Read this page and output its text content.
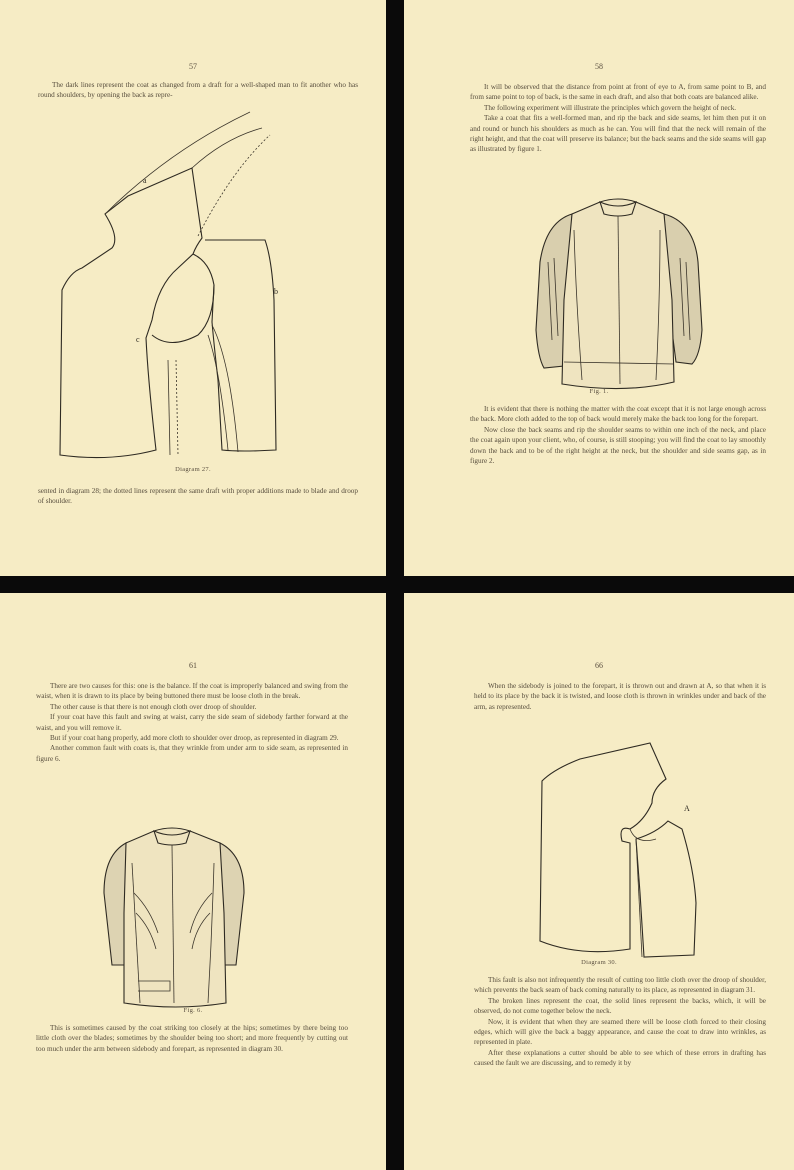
57

The dark lines represent the coat as changed from a draft for a well-shaped man to fit another who has round shoulders, by opening the back as repre-

a
b
c
Diagram 27.

sented in diagram 28; the dotted lines represent the same draft with proper additions made to blade and droop of shoulder.

58

It will be observed that the distance from point at front of eye to A, from same point to B, and from same point to top of back, is the same in each draft, and also that both coats are balanced alike.

The following experiment will illustrate the principles which govern the height of neck.

Take a coat that fits a well-formed man, and rip the back and side seams, let him then put it on and round or hunch his shoulders as much as he can. You will find that the neck will remain of the right height, and that the coat will preserve its balance; but the back seams and the side seams will gap as illustrated by figure 1.

Fig. 1.

It is evident that there is nothing the matter with the coat except that it is not large enough across the back. More cloth added to the top of back would merely make the back too long for the forepart.

Now close the back seams and rip the shoulder seams to within one inch of the neck, and place the coat again upon your client, who, of course, is still stooping; you will find the coat to lay smoothly down the back and to be of the right height at the neck, but the shoulder and side seams gap, as in figure 2.

61

There are two causes for this: one is the balance. If the coat is improperly balanced and swing from the waist, when it is drawn to its place by being buttoned there must be loose cloth in the break.

The other cause is that there is not enough cloth over droop of shoulder.

If your coat have this fault and swing at waist, carry the side seam of sidebody farther forward at the waist, and you will remove it.

But if your coat hang properly, add more cloth to shoulder over droop, as represented in diagram 29.

Another common fault with coats is, that they wrinkle from under arm to side seam, as represented in figure 6.

Fig. 6.

This is sometimes caused by the coat striking too closely at the hips; sometimes by there being too little cloth over the blades; sometimes by the shoulder being too short; and more frequently by cutting out too much under the arm between sidebody and forepart, as represented in diagram 30.

66

When the sidebody is joined to the forepart, it is thrown out and drawn at A, so that when it is held to its place by the back it is twisted, and loose cloth is thrown in wrinkles under and back of the arm, as represented.

A
Diagram 30.

This fault is also not infrequently the result of cutting too little cloth over the droop of shoulder, which prevents the back seam of back coming naturally to its place, as represented in diagram 31.

The broken lines represent the coat, the solid lines represent the backs, which, it will be observed, do not come together below the neck.

Now, it is evident that when they are seamed there will be loose cloth forced to their closing edges, which will give the back a baggy appearance, and cause the coat to draw into wrinkles, as represented in plate.

After these explanations a cutter should be able to see which of these errors in drafting has caused the fault we are discussing, and to remedy it by
